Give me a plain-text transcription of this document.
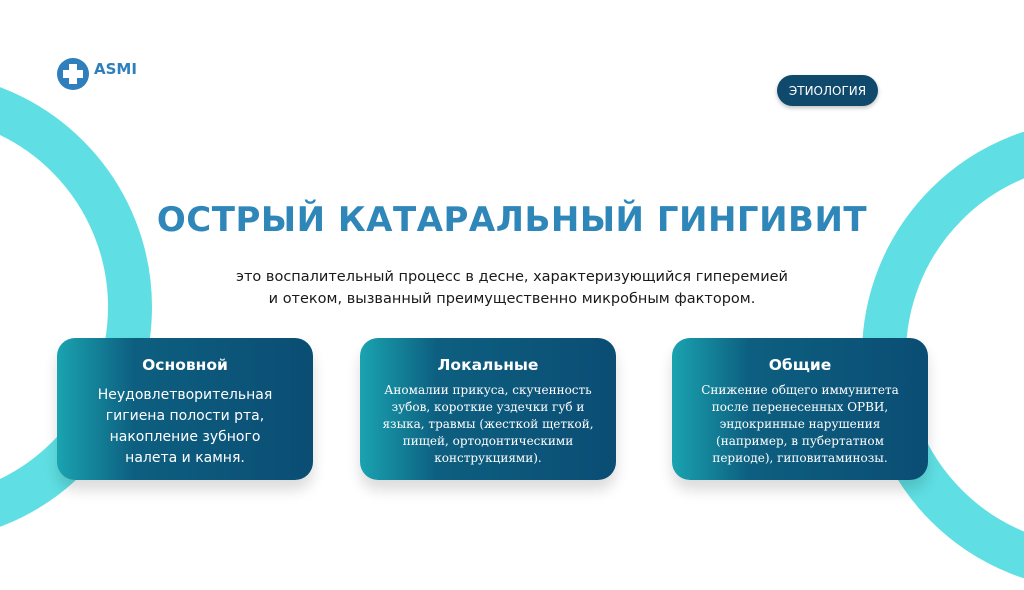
ASMI
ЭТИОЛОГИЯ
ОСТРЫЙ КАТАРАЛЬНЫЙ ГИНГИВИТ
это воспалительный процесс в десне, характеризующийся гиперемией
и отеком, вызванный преимущественно микробным фактором.
Основной
Неудовлетворительная
гигиена полости рта,
накопление зубного
налета и камня.
Локальные
Аномалии прикуса, скученность
зубов, короткие уздечки губ и
языка, травмы (жесткой щеткой,
пищей, ортодонтическими
конструкциями).
Общие
Снижение общего иммунитета
после перенесенных ОРВИ,
эндокринные нарушения
(например, в пубертатном
периоде), гиповитаминозы.
